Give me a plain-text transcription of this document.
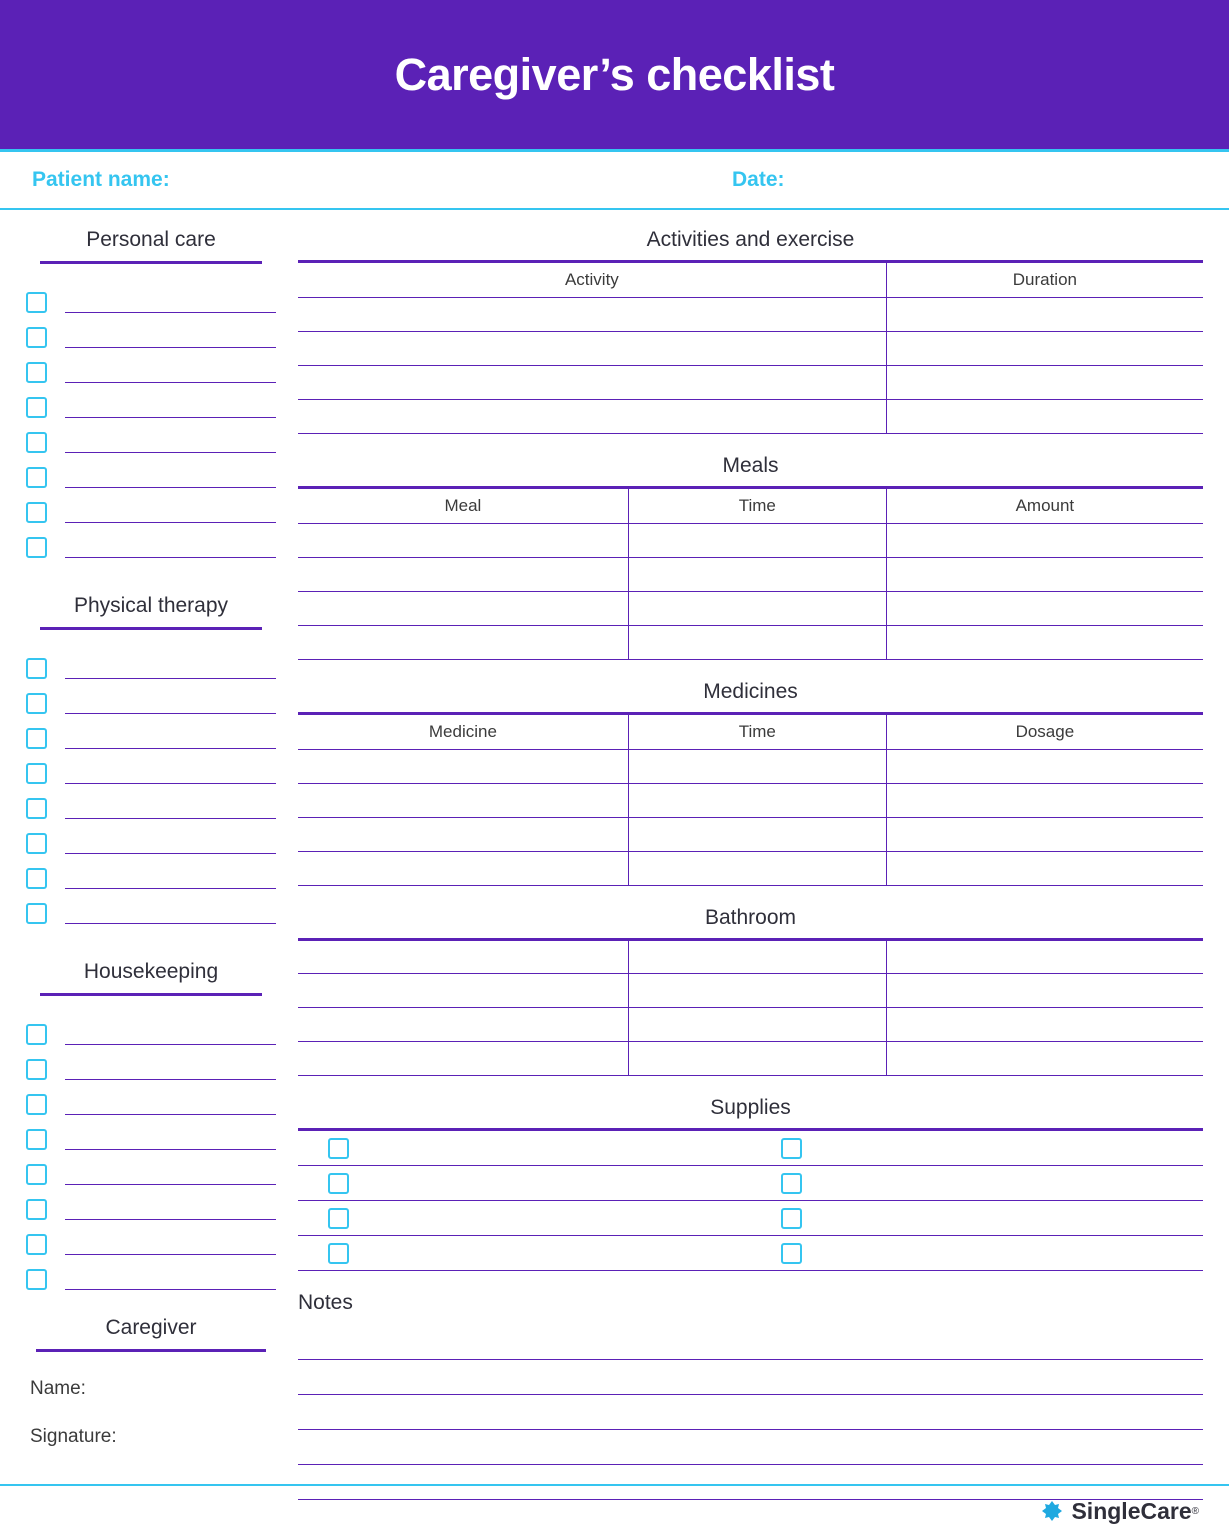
Caregiver’s checklist
Patient name:	Date:
Personal care
Physical therapy
Housekeeping
Caregiver
Name:
Signature:
Activities and exercise
Activity	Duration

Meals
Meal	Time	Amount

Medicines
Medicine	Time	Dosage

Bathroom

Supplies
Notes
SingleCare ®
